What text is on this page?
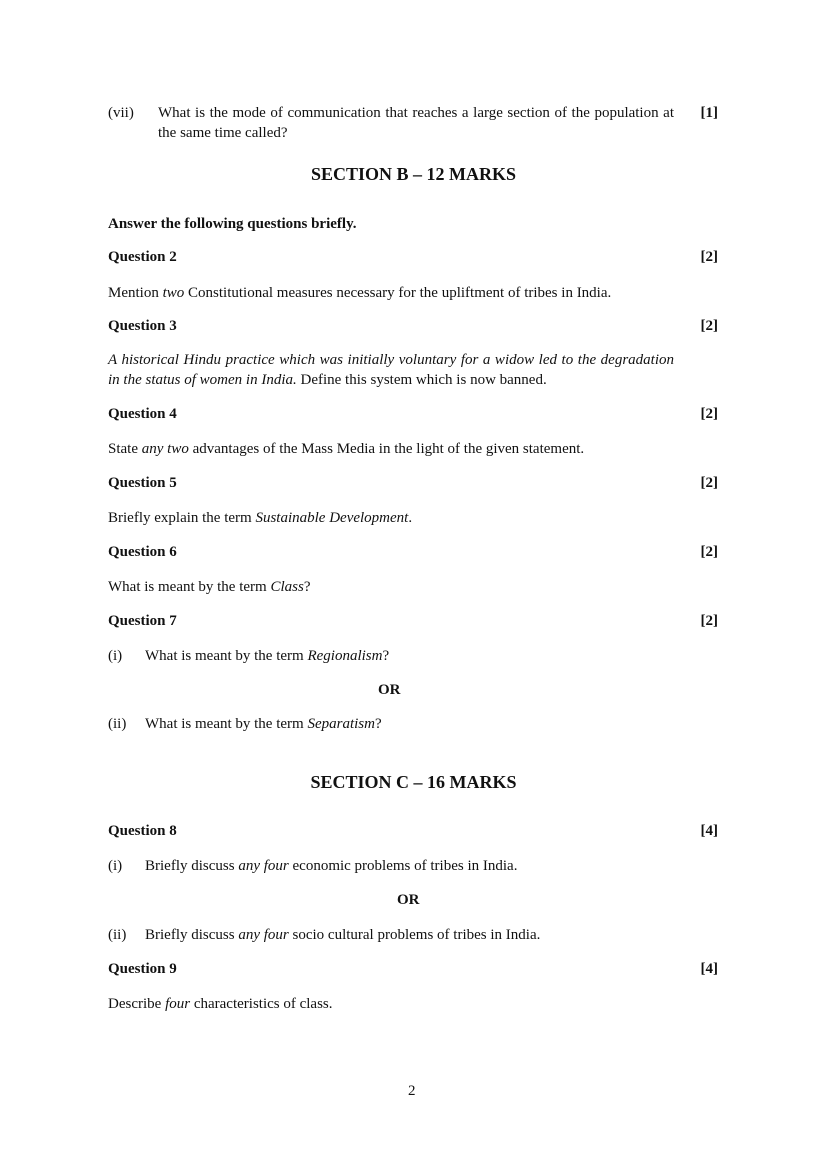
(vii) What is the mode of communication that reaches a large section of the population at the same time called?
[1]
SECTION B – 12 MARKS
Answer the following questions briefly.
Question 2	[2]
Mention two Constitutional measures necessary for the upliftment of tribes in India.
Question 3	[2]
A historical Hindu practice which was initially voluntary for a widow led to the degradation in the status of women in India. Define this system which is now banned.
Question 4	[2]
State any two advantages of the Mass Media in the light of the given statement.
Question 5	[2]
Briefly explain the term Sustainable Development.
Question 6	[2]
What is meant by the term Class?
Question 7	[2]
(i) What is meant by the term Regionalism?
OR
(ii) What is meant by the term Separatism?
SECTION C – 16 MARKS
Question 8	[4]
(i) Briefly discuss any four economic problems of tribes in India.
OR
(ii) Briefly discuss any four socio cultural problems of tribes in India.
Question 9	[4]
Describe four characteristics of class.
2
